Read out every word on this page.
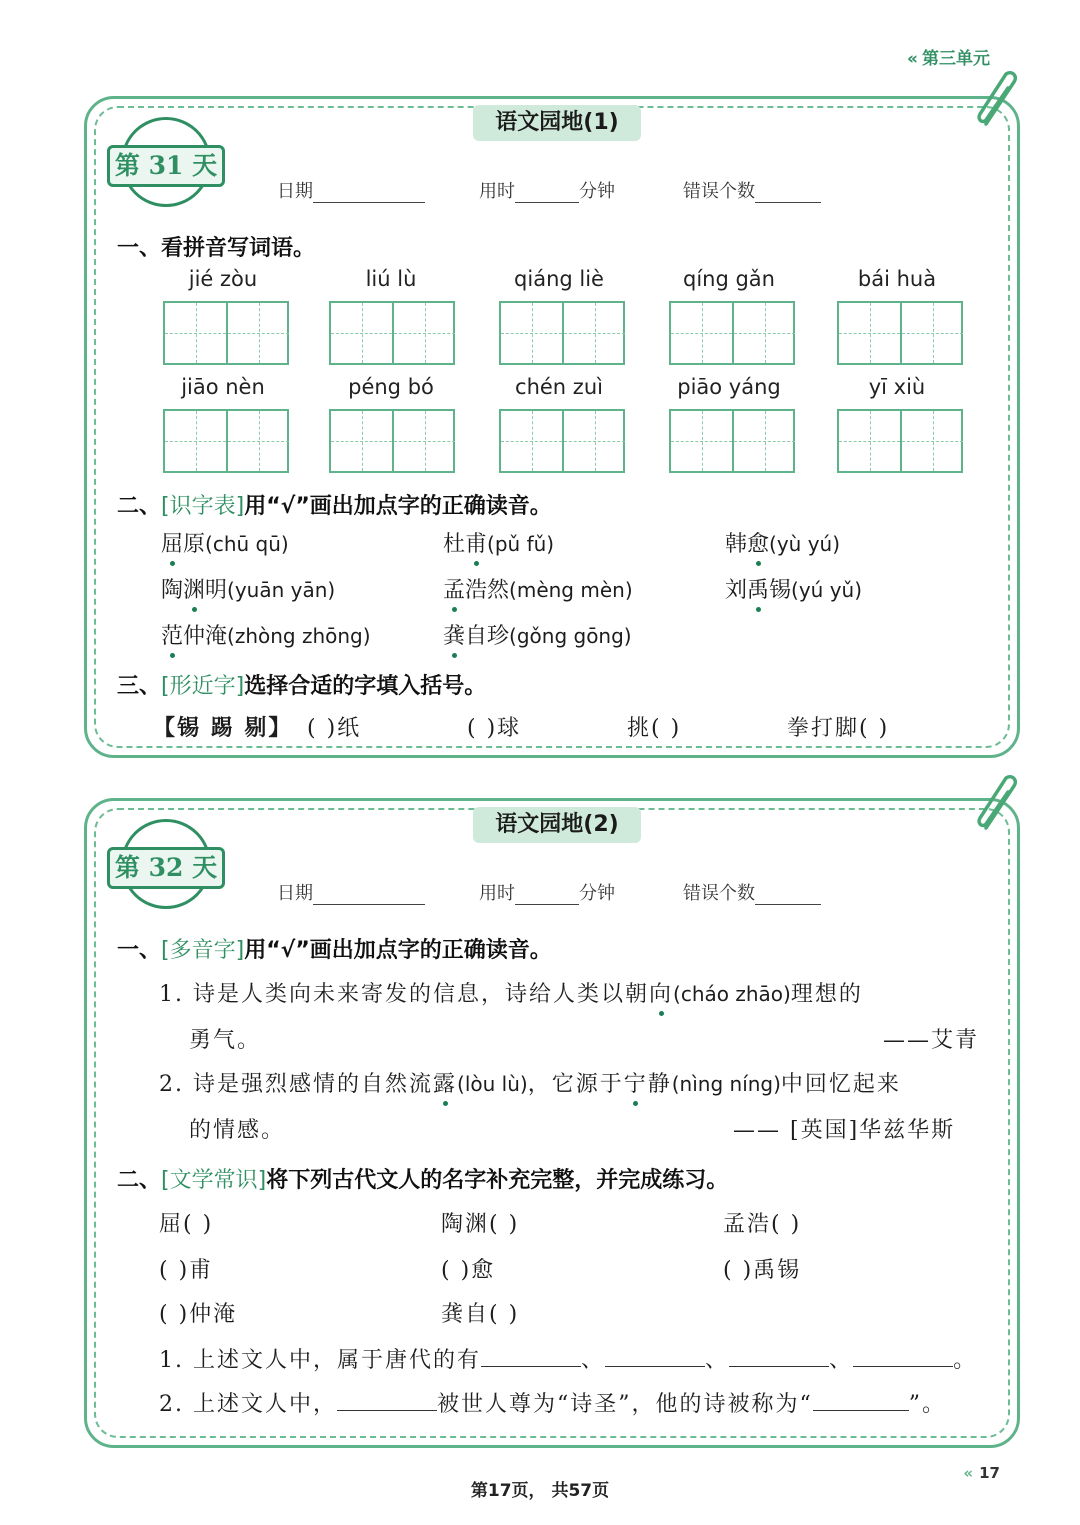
« 第三单元
语文园地(1)
第 31 天
日期	用时	分钟	错误个数
一、看拼音写词语。
jié zòu	liú lù	qiáng liè	qíng gǎn	bái huà
jiāo nèn	péng bó	chén zuì	piāo yáng	yī xiù
二、[识字表]用“√”画出加点字的正确读音。
屈原(chū qū)	杜甫(pǔ fǔ)	韩愈(yù yú)
陶渊明(yuān yān)	孟浩然(mèng mèn)	刘禹锡(yú yǔ)
范仲淹(zhòng zhōng)	龚自珍(gǒng gōng)
三、[形近字]选择合适的字填入括号。
【锡 踢 剔】 ( )纸	( )球	挑( )	拳打脚( )
语文园地(2)
第 32 天
日期	用时	分钟	错误个数
一、[多音字]用“√”画出加点字的正确读音。
1. 诗是人类向未来寄发的信息，诗给人类以朝向(cháo zhāo)理想的
勇气。	——艾青
2. 诗是强烈感情的自然流露(lòu lù)，它源于宁静(nìng níng)中回忆起来
的情感。	—— [英国]华兹华斯
二、[文学常识]将下列古代文人的名字补充完整，并完成练习。
屈( )	陶渊( )	孟浩( )
( )甫	( )愈	( )禹锡
( )仲淹	龚自( )
1. 上述文人中，属于唐代的有	、	、	、	。
2. 上述文人中，	被世人尊为“诗圣”，他的诗被称为“	”。
« 17
第17页， 共57页
